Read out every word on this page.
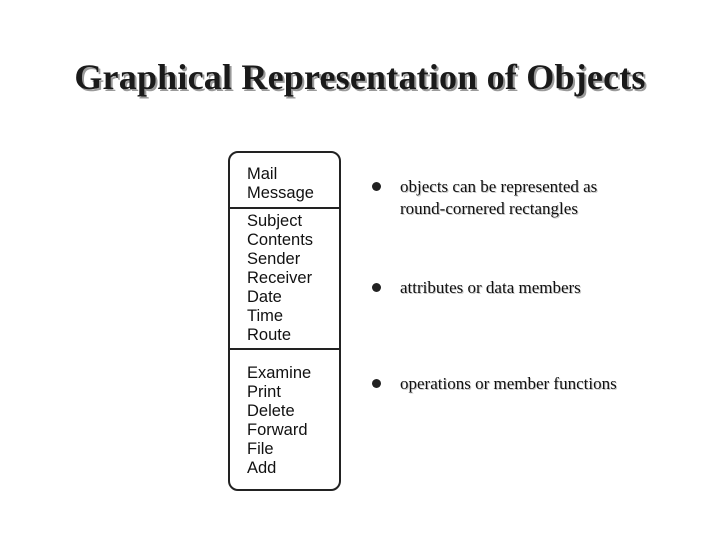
Graphical Representation of Objects
Mail
Message
Subject
Contents
Sender
Receiver
Date
Time
Route
Examine
Print
Delete
Forward
File
Add
objects can be represented as
round-cornered rectangles
attributes or data members
operations or member functions
